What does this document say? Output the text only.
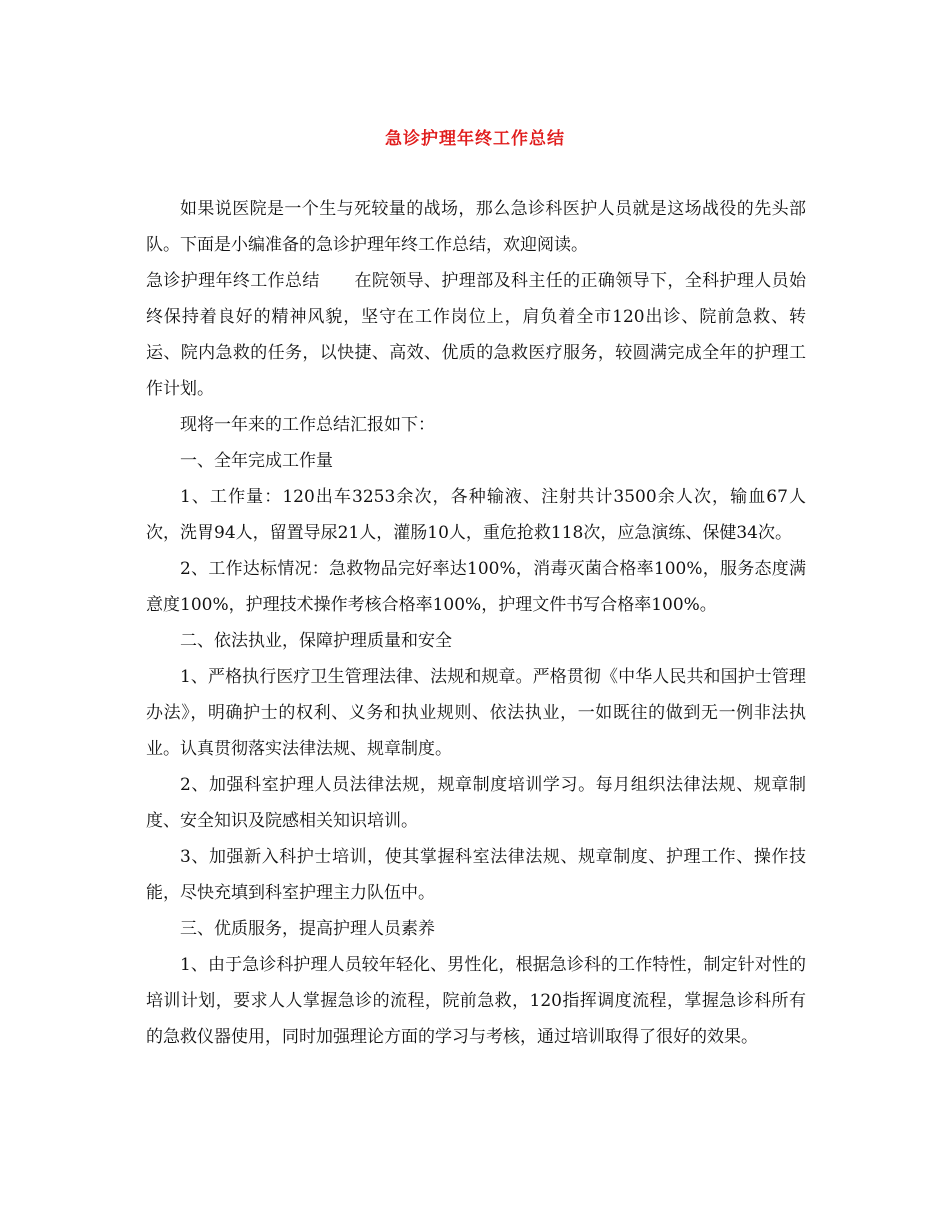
急诊护理年终工作总结

如果说医院是一个生与死较量的战场，那么急诊科医护人员就是这场战役的先头部队。下面是小编准备的急诊护理年终工作总结，欢迎阅读。

急诊护理年终工作总结　　在院领导、护理部及科主任的正确领导下，全科护理人员始终保持着良好的精神风貌，坚守在工作岗位上，肩负着全市120出诊、院前急救、转运、院内急救的任务，以快捷、高效、优质的急救医疗服务，较圆满完成全年的护理工作计划。

现将一年来的工作总结汇报如下：

一、全年完成工作量

1、工作量：120出车3253余次，各种输液、注射共计3500余人次，输血67人次，洗胃94人，留置导尿21人，灌肠10人，重危抢救118次，应急演练、保健34次。

2、工作达标情况：急救物品完好率达100%，消毒灭菌合格率100%，服务态度满意度100%，护理技术操作考核合格率100%，护理文件书写合格率100%。

二、依法执业，保障护理质量和安全

1、严格执行医疗卫生管理法律、法规和规章。严格贯彻《中华人民共和国护士管理办法》，明确护士的权利、义务和执业规则、依法执业，一如既往的做到无一例非法执业。认真贯彻落实法律法规、规章制度。

2、加强科室护理人员法律法规，规章制度培训学习。每月组织法律法规、规章制度、安全知识及院感相关知识培训。

3、加强新入科护士培训，使其掌握科室法律法规、规章制度、护理工作、操作技能，尽快充填到科室护理主力队伍中。

三、优质服务，提高护理人员素养

1、由于急诊科护理人员较年轻化、男性化，根据急诊科的工作特性，制定针对性的培训计划，要求人人掌握急诊的流程，院前急救，120指挥调度流程，掌握急诊科所有的急救仪器使用，同时加强理论方面的学习与考核，通过培训取得了很好的效果。
